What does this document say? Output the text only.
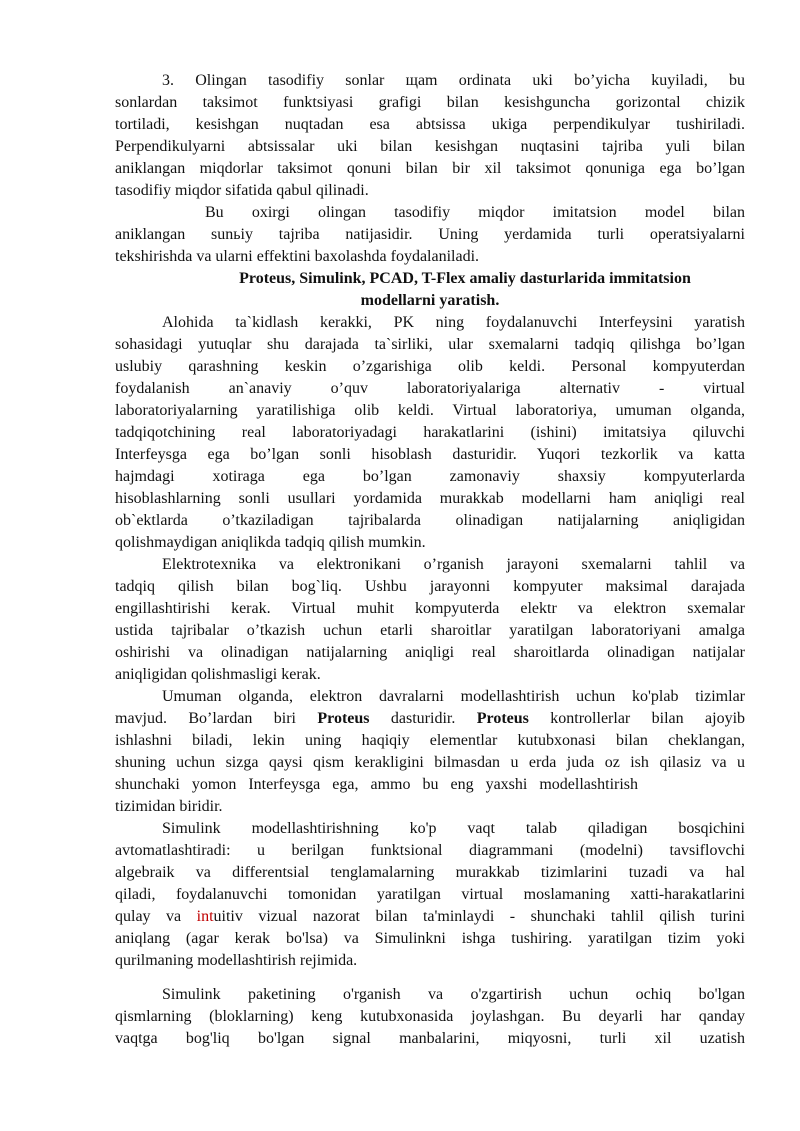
3. Olingan tasodifiy sonlar щam ordinata uki bo’yicha kuyiladi, bu
sonlardan taksimot funktsiyasi grafigi bilan kesishguncha gorizontal chizik
tortiladi, kesishgan nuqtadan esa abtsissa ukiga perpendikulyar tushiriladi.
Perpendikulyarni abtsissalar uki bilan kesishgan nuqtasini tajriba yuli bilan
aniklangan miqdorlar taksimot qonuni bilan bir xil taksimot qonuniga ega bo’lgan
tasodifiy miqdor sifatida qabul qilinadi.
Bu oxirgi olingan tasodifiy miqdor imitatsion model bilan
aniklangan sunьiy tajriba natijasidir. Uning yerdamida turli operatsiyalarni
tekshirishda va ularni effektini baxolashda foydalaniladi.
Proteus, Simulink, PCAD, T-Flex amaliy dasturlarida immitatsion
modellarni yaratish.
Alohida ta`kidlash kerakki, PK ning foydalanuvchi Interfeysini yaratish
sohasidagi yutuqlar shu darajada ta`sirliki, ular sxemalarni tadqiq qilishga bo’lgan
uslubiy qarashning keskin o’zgarishiga olib keldi. Personal kompyuterdan
foydalanish an`anaviy o’quv laboratoriyalariga alternativ - virtual
laboratoriyalarning yaratilishiga olib keldi. Virtual laboratoriya, umuman olganda,
tadqiqotchining real laboratoriyadagi harakatlarini (ishini) imitatsiya qiluvchi
Interfeysga ega bo’lgan sonli hisoblash dasturidir. Yuqori tezkorlik va katta
hajmdagi xotiraga ega bo’lgan zamonaviy shaxsiy kompyuterlarda
hisoblashlarning sonli usullari yordamida murakkab modellarni ham aniqligi real
ob`ektlarda o’tkaziladigan tajribalarda olinadigan natijalarning aniqligidan
qolishmaydigan aniqlikda tadqiq qilish mumkin.
Elektrotexnika va elektronikani o’rganish jarayoni sxemalarni tahlil va
tadqiq qilish bilan bog`liq. Ushbu jarayonni kompyuter maksimal darajada
engillashtirishi kerak. Virtual muhit kompyuterda elektr va elektron sxemalar
ustida tajribalar o’tkazish uchun etarli sharoitlar yaratilgan laboratoriyani amalga
oshirishi va olinadigan natijalarning aniqligi real sharoitlarda olinadigan natijalar
aniqligidan qolishmasligi kerak.
Umuman olganda, elektron davralarni modellashtirish uchun ko'plab tizimlar
mavjud. Bo’lardan biri Proteus dasturidir. Proteus kontrollerlar bilan ajoyib
ishlashni biladi, lekin uning haqiqiy elementlar kutubxonasi bilan cheklangan,
shuning uchun sizga qaysi qism kerakligini bilmasdan u erda juda oz ish qilasiz va u
shunchaki yomon Interfeysga ega, ammo bu eng yaxshi modellashtirish
tizimidan biridir.
Simulink modellashtirishning ko'p vaqt talab qiladigan bosqichini
avtomatlashtiradi: u berilgan funktsional diagrammani (modelni) tavsiflovchi
algebraik va differentsial tenglamalarning murakkab tizimlarini tuzadi va hal
qiladi, foydalanuvchi tomonidan yaratilgan virtual moslamaning xatti-harakatlarini
qulay va intuitiv vizual nazorat bilan ta'minlaydi - shunchaki tahlil qilish turini
aniqlang (agar kerak bo'lsa) va Simulinkni ishga tushiring. yaratilgan tizim yoki
qurilmaning modellashtirish rejimida.
Simulink paketining o'rganish va o'zgartirish uchun ochiq bo'lgan
qismlarning (bloklarning) keng kutubxonasida joylashgan. Bu deyarli har qanday
vaqtga bog'liq bo'lgan signal manbalarini, miqyosni, turli xil uzatish
